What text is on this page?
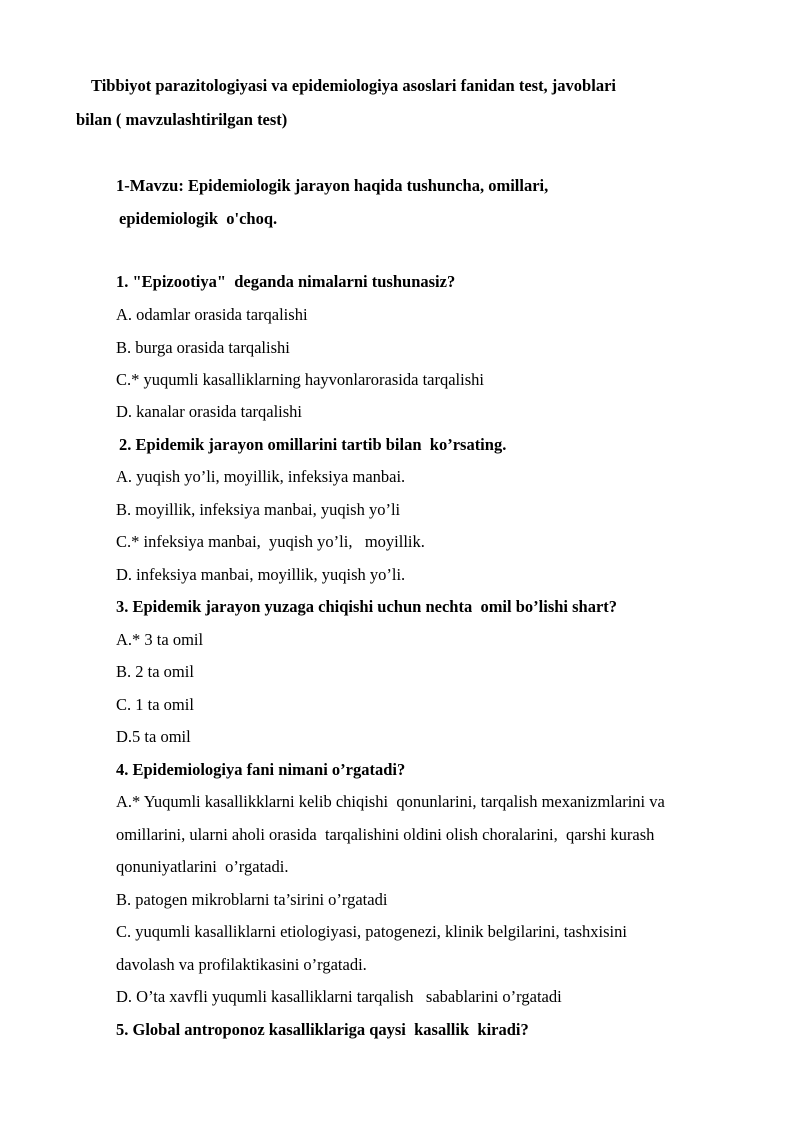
Tibbiyot parazitologiyasi va epidemiologiya asoslari fanidan test, javoblari
bilan ( mavzulashtirilgan test)
1-Mavzu: Epidemiologik jarayon haqida tushuncha, omillari,
epidemiologik  o'choq.
1. "Epizootiya"  deganda nimalarni tushunasiz?
A. odamlar orasida tarqalishi
B. burga orasida tarqalishi
C.* yuqumli kasalliklarning hayvonlarorasida tarqalishi
D. kanalar orasida tarqalishi
2. Epidemik jarayon omillarini tartib bilan  ko’rsating.
A. yuqish yo’li, moyillik, infeksiya manbai.
B. moyillik, infeksiya manbai, yuqish yo’li
C.* infeksiya manbai,  yuqish yo’li,   moyillik.
D. infeksiya manbai, moyillik, yuqish yo’li.
3. Epidemik jarayon yuzaga chiqishi uchun nechta  omil bo’lishi shart?
A.* 3 ta omil
B. 2 ta omil
C. 1 ta omil
D.5 ta omil
4. Epidemiologiya fani nimani o’rgatadi?
A.* Yuqumli kasallikklarni kelib chiqishi  qonunlarini, tarqalish mexanizmlarini va
omillarini, ularni aholi orasida  tarqalishini oldini olish choralarini,  qarshi kurash
qonuniyatlarini  o’rgatadi.
B. patogen mikroblarni ta’sirini o’rgatadi
C. yuqumli kasalliklarni etiologiyasi, patogenezi, klinik belgilarini, tashxisini
davolash va profilaktikasini o’rgatadi.
D. O’ta xavfli yuqumli kasalliklarni tarqalish   sabablarini o’rgatadi
5. Global antroponoz kasalliklariga qaysi  kasallik  kiradi?
